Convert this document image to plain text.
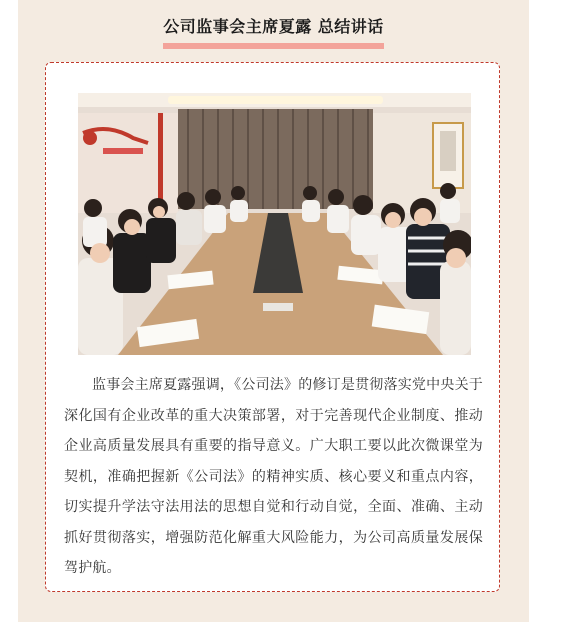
公司监事会主席夏露 总结讲话
监事会主席夏露强调，《公司法》的修订是贯彻落实党中央关于深化国有企业改革的重大决策部署，对于完善现代企业制度、推动企业高质量发展具有重要的指导意义。广大职工要以此次微课堂为契机，准确把握新《公司法》的精神实质、核心要义和重点内容，切实提升学法守法用法的思想自觉和行动自觉，全面、准确、主动抓好贯彻落实，增强防范化解重大风险能力，为公司高质量发展保驾护航。
